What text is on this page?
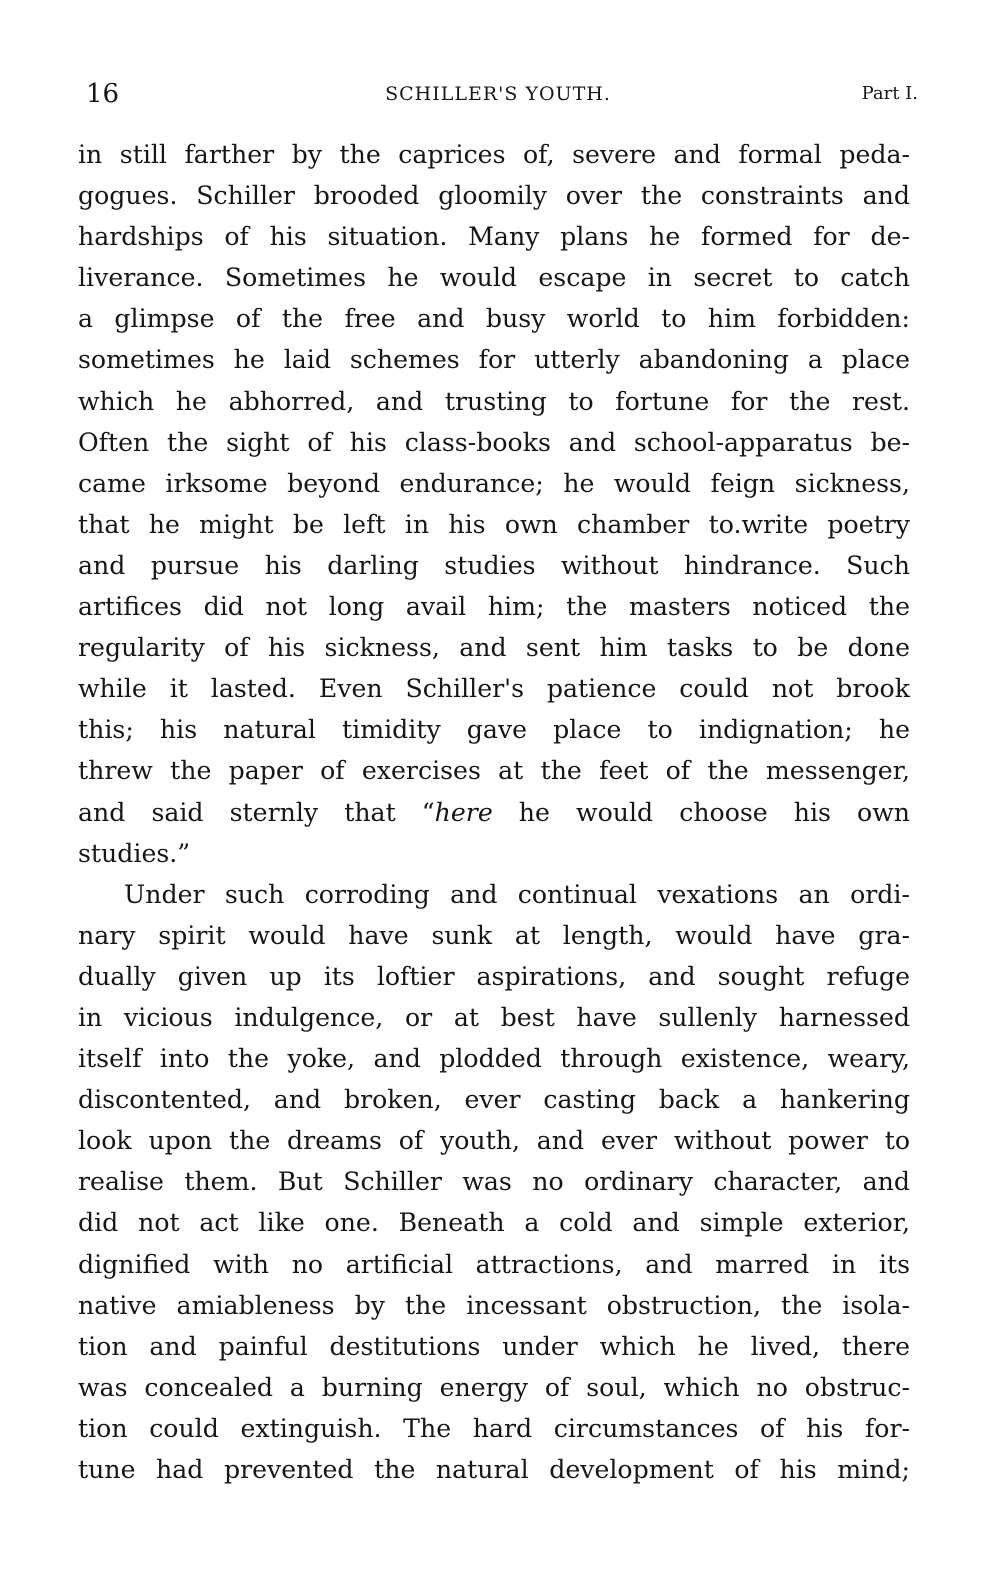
16	SCHILLER'S YOUTH.	Part I.
in still farther by the caprices of, severe and formal peda-
gogues. Schiller brooded gloomily over the constraints and
hardships of his situation. Many plans he formed for de-
liverance. Sometimes he would escape in secret to catch
a glimpse of the free and busy world to him forbidden:
sometimes he laid schemes for utterly abandoning a place
which he abhorred, and trusting to fortune for the rest.
Often the sight of his class-books and school-apparatus be-
came irksome beyond endurance; he would feign sickness,
that he might be left in his own chamber to.write poetry
and pursue his darling studies without hindrance. Such
artifices did not long avail him; the masters noticed the
regularity of his sickness, and sent him tasks to be done
while it lasted. Even Schiller's patience could not brook
this; his natural timidity gave place to indignation; he
threw the paper of exercises at the feet of the messenger,
and said sternly that “here he would choose his own
studies.”
Under such corroding and continual vexations an ordi-
nary spirit would have sunk at length, would have gra-
dually given up its loftier aspirations, and sought refuge
in vicious indulgence, or at best have sullenly harnessed
itself into the yoke, and plodded through existence, weary,
discontented, and broken, ever casting back a hankering
look upon the dreams of youth, and ever without power to
realise them. But Schiller was no ordinary character, and
did not act like one. Beneath a cold and simple exterior,
dignified with no artificial attractions, and marred in its
native amiableness by the incessant obstruction, the isola-
tion and painful destitutions under which he lived, there
was concealed a burning energy of soul, which no obstruc-
tion could extinguish. The hard circumstances of his for-
tune had prevented the natural development of his mind;
